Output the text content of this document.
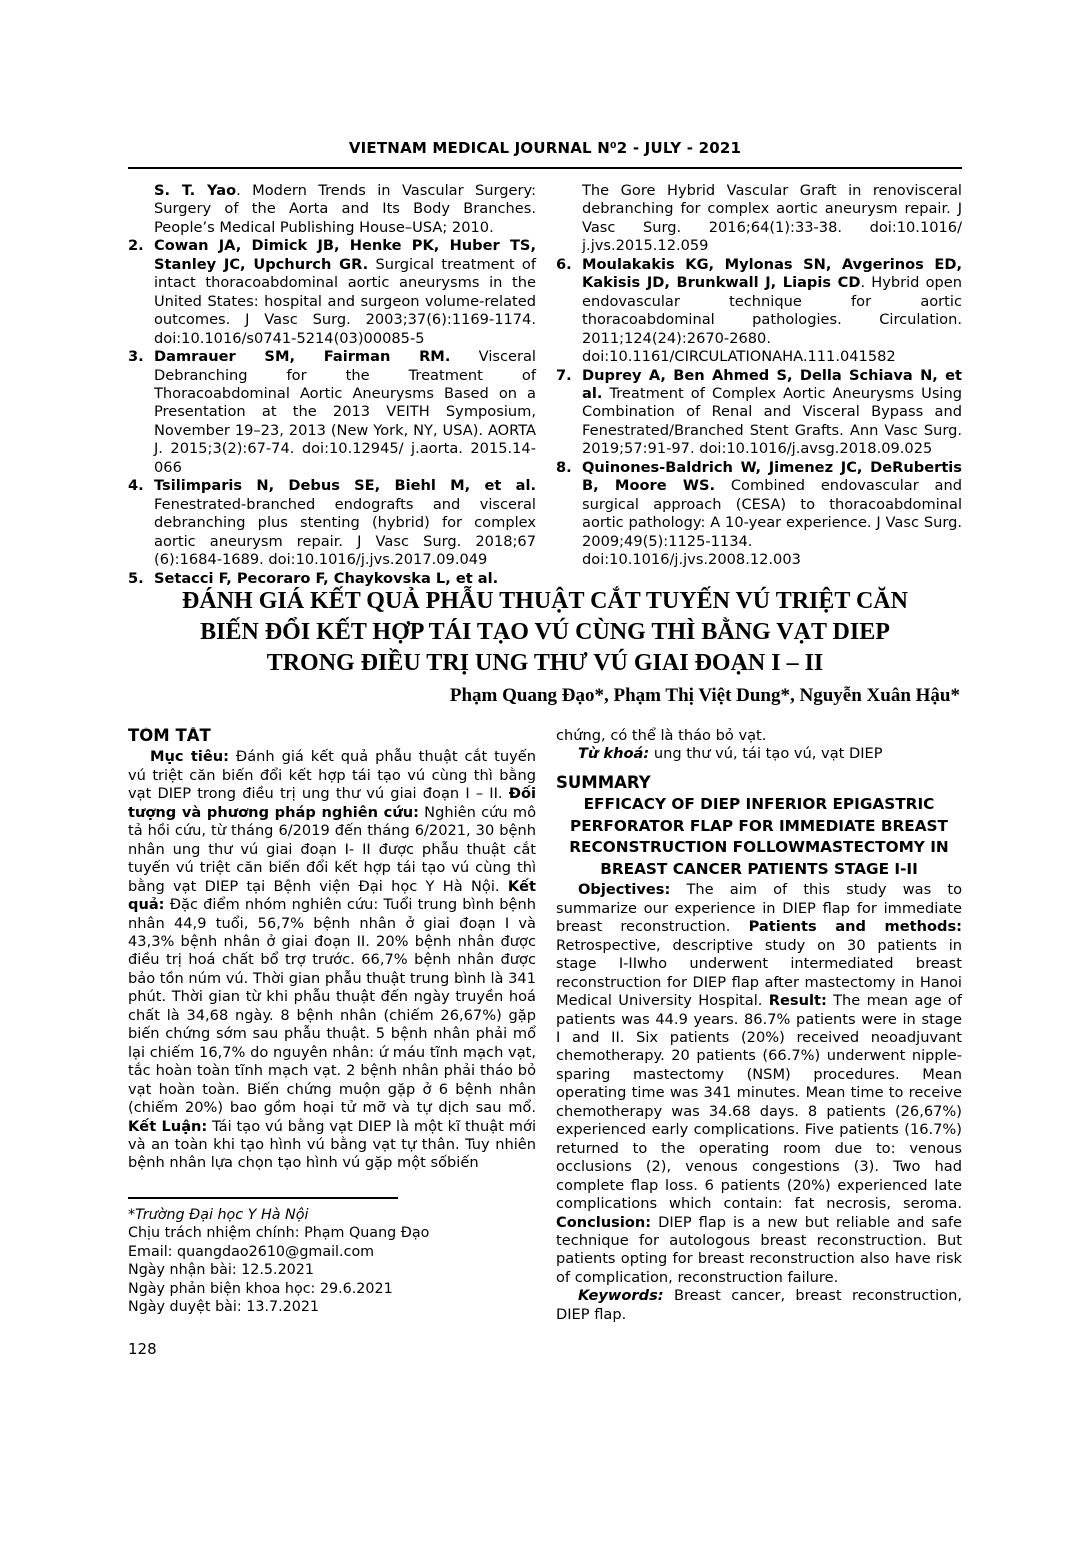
VIETNAM MEDICAL JOURNAL N⁰2 - JULY - 2021
S. T. Yao. Modern Trends in Vascular Surgery: Surgery of the Aorta and Its Body Branches. People’s Medical Publishing House–USA; 2010.
2. Cowan JA, Dimick JB, Henke PK, Huber TS, Stanley JC, Upchurch GR. Surgical treatment of intact thoracoabdominal aortic aneurysms in the United States: hospital and surgeon volume-related outcomes. J Vasc Surg. 2003;37(6):1169-1174. doi:10.1016/s0741-5214(03)00085-5
3. Damrauer SM, Fairman RM. Visceral Debranching for the Treatment of Thoracoabdominal Aortic Aneurysms Based on a Presentation at the 2013 VEITH Symposium, November 19–23, 2013 (New York, NY, USA). AORTA J. 2015;3(2):67-74. doi:10.12945/ j.aorta. 2015.14-066
4. Tsilimparis N, Debus SE, Biehl M, et al. Fenestrated-branched endografts and visceral debranching plus stenting (hybrid) for complex aortic aneurysm repair. J Vasc Surg. 2018;67 (6):1684-1689. doi:10.1016/j.jvs.2017.09.049
5. Setacci F, Pecoraro F, Chaykovska L, et al.
The Gore Hybrid Vascular Graft in renovisceral debranching for complex aortic aneurysm repair. J Vasc Surg. 2016;64(1):33-38. doi:10.1016/ j.jvs.2015.12.059
6. Moulakakis KG, Mylonas SN, Avgerinos ED, Kakisis JD, Brunkwall J, Liapis CD. Hybrid open endovascular technique for aortic thoracoabdominal pathologies. Circulation. 2011;124(24):2670-2680. doi:10.1161/CIRCULATIONAHA.111.041582
7. Duprey A, Ben Ahmed S, Della Schiava N, et al. Treatment of Complex Aortic Aneurysms Using Combination of Renal and Visceral Bypass and Fenestrated/Branched Stent Grafts. Ann Vasc Surg. 2019;57:91-97. doi:10.1016/j.avsg.2018.09.025
8. Quinones-Baldrich W, Jimenez JC, DeRubertis B, Moore WS. Combined endovascular and surgical approach (CESA) to thoracoabdominal aortic pathology: A 10-year experience. J Vasc Surg. 2009;49(5):1125-1134. doi:10.1016/j.jvs.2008.12.003
ĐÁNH GIÁ KẾT QUẢ PHẪU THUẬT CẮT TUYẾN VÚ TRIỆT CĂN
BIẾN ĐỔI KẾT HỢP TÁI TẠO VÚ CÙNG THÌ BẰNG VẠT DIEP
TRONG ĐIỀU TRỊ UNG THƯ VÚ GIAI ĐOẠN I – II
Phạm Quang Đạo*, Phạm Thị Việt Dung*, Nguyễn Xuân Hậu*
TÓM TẮT

Mục tiêu: Đánh giá kết quả phẫu thuật cắt tuyến vú triệt căn biến đổi kết hợp tái tạo vú cùng thì bằng vạt DIEP trong điều trị ung thư vú giai đoạn I – II. Đối tượng và phương pháp nghiên cứu: Nghiên cứu mô tả hồi cứu, từ tháng 6/2019 đến tháng 6/2021, 30 bệnh nhân ung thư vú giai đoạn I- II được phẫu thuật cắt tuyến vú triệt căn biến đổi kết hợp tái tạo vú cùng thì bằng vạt DIEP tại Bệnh viện Đại học Y Hà Nội. Kết quả: Đặc điểm nhóm nghiên cứu: Tuổi trung bình bệnh nhân 44,9 tuổi, 56,7% bệnh nhân ở giai đoạn I và 43,3% bệnh nhân ở giai đoạn II. 20% bệnh nhân được điều trị hoá chất bổ trợ trước. 66,7% bệnh nhân được bảo tồn núm vú. Thời gian phẫu thuật trung bình là 341 phút. Thời gian từ khi phẫu thuật đến ngày truyền hoá chất là 34,68 ngày. 8 bệnh nhân (chiếm 26,67%) gặp biến chứng sớm sau phẫu thuật. 5 bệnh nhân phải mổ lại chiếm 16,7% do nguyên nhân: ứ máu tĩnh mạch vạt, tắc hoàn toàn tĩnh mạch vạt. 2 bệnh nhân phải tháo bỏ vạt hoàn toàn. Biến chứng muộn gặp ở 6 bệnh nhân (chiếm 20%) bao gồm hoại tử mỡ và tự dịch sau mổ. Kết Luận: Tái tạo vú bằng vạt DIEP là một kĩ thuật mới và an toàn khi tạo hình vú bằng vạt tự thân. Tuy nhiên bệnh nhân lựa chọn tạo hình vú gặp một sốbiến

chứng, có thể là tháo bỏ vạt.

Từ khoá: ung thư vú, tái tạo vú, vạt DIEP

SUMMARY
EFFICACY OF DIEP INFERIOR EPIGASTRIC
PERFORATOR FLAP FOR IMMEDIATE BREAST
RECONSTRUCTION FOLLOWMASTECTOMY IN
BREAST CANCER PATIENTS STAGE I-II

Objectives: The aim of this study was to summarize our experience in DIEP flap for immediate breast reconstruction. Patients and methods: Retrospective, descriptive study on 30 patients in stage I-IIwho underwent intermediated breast reconstruction for DIEP flap after mastectomy in Hanoi Medical University Hospital. Result: The mean age of patients was 44.9 years. 86.7% patients were in stage I and II. Six patients (20%) received neoadjuvant chemotherapy. 20 patients (66.7%) underwent nipple-sparing mastectomy (NSM) procedures. Mean operating time was 341 minutes. Mean time to receive chemotherapy was 34.68 days. 8 patients (26,67%) experienced early complications. Five patients (16.7%) returned to the operating room due to: venous occlusions (2), venous congestions (3). Two had complete flap loss. 6 patients (20%) experienced late complications which contain: fat necrosis, seroma. Conclusion: DIEP flap is a new but reliable and safe technique for autologous breast reconstruction. But patients opting for breast reconstruction also have risk of complication, reconstruction failure.

Keywords: Breast cancer, breast reconstruction, DIEP flap.

*Trường Đại học Y Hà Nội
Chịu trách nhiệm chính: Phạm Quang Đạo
Email: quangdao2610@gmail.com
Ngày nhận bài: 12.5.2021
Ngày phản biện khoa học: 29.6.2021
Ngày duyệt bài: 13.7.2021
128
